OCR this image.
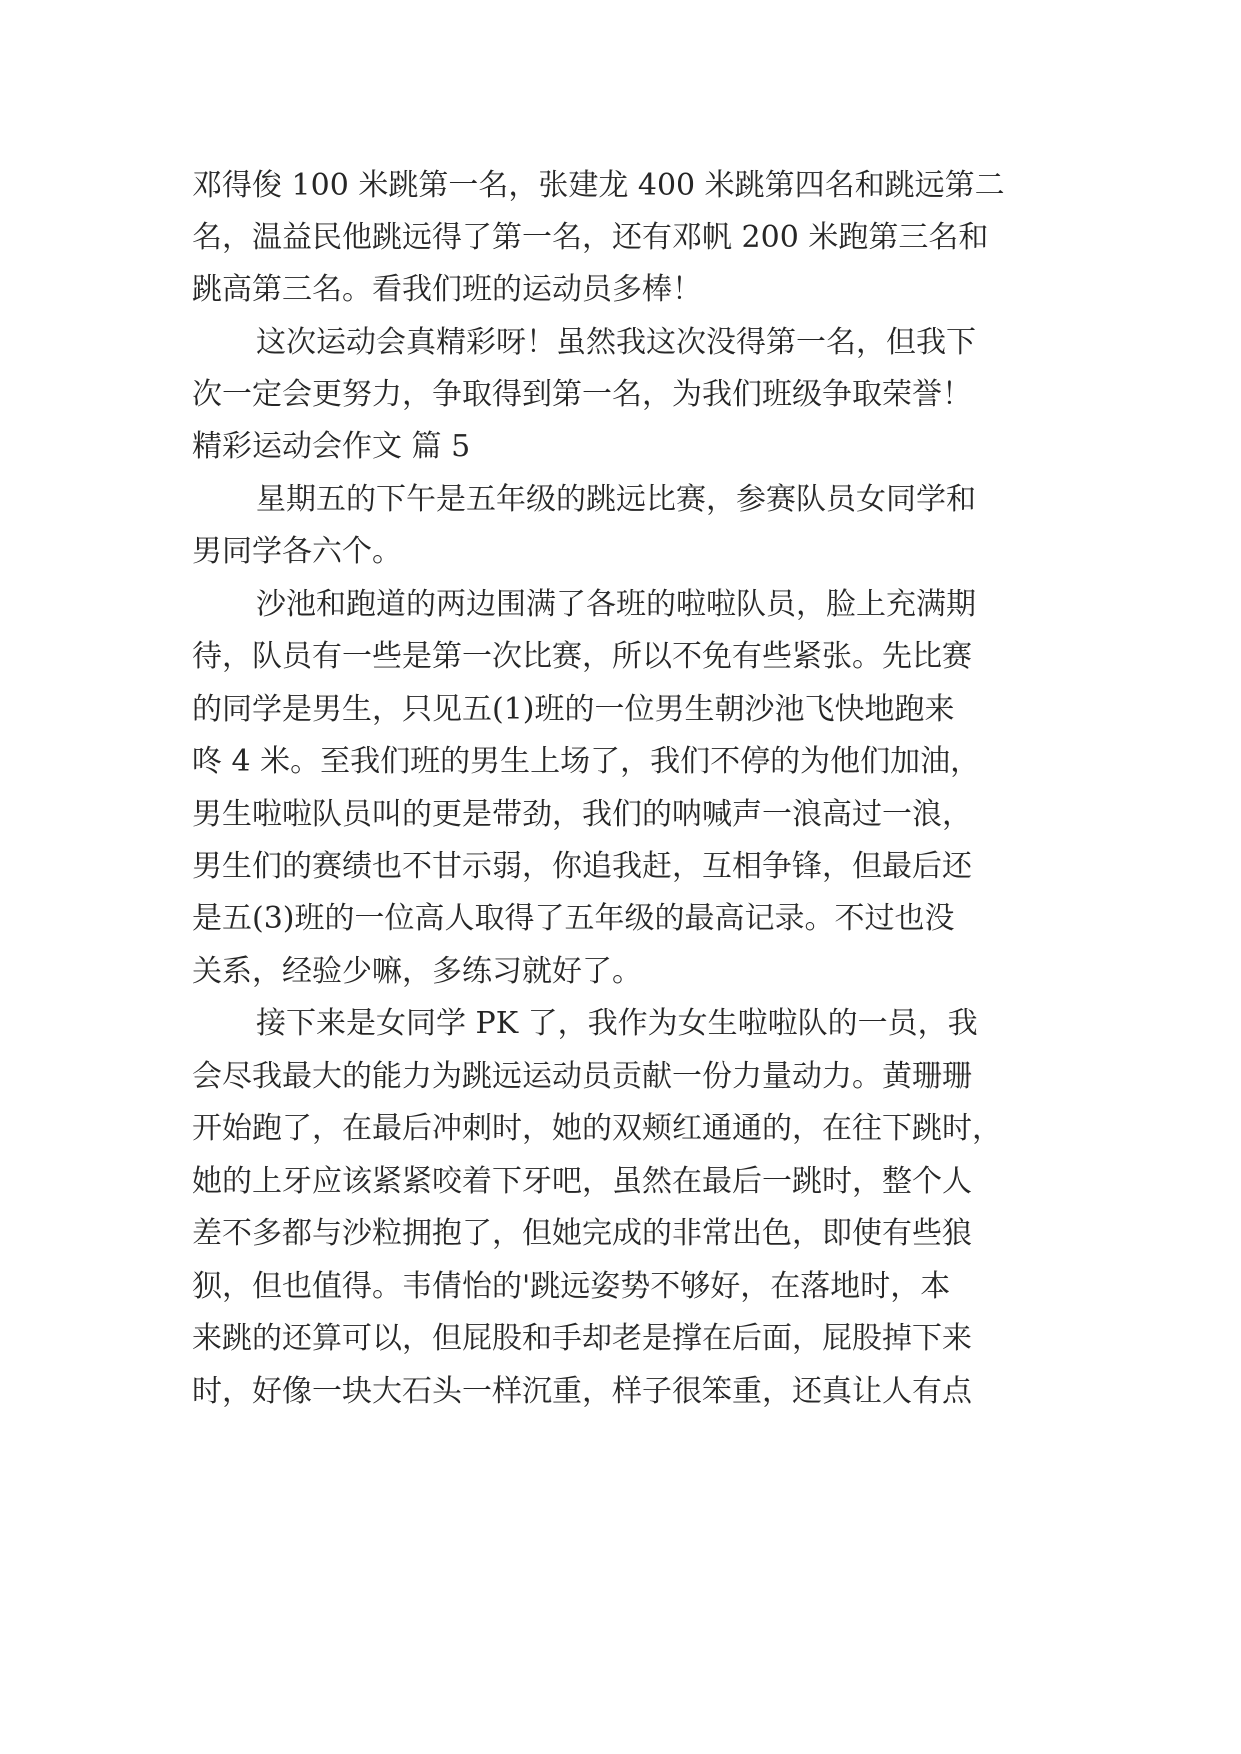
邓得俊 100 米跳第一名，张建龙 400 米跳第四名和跳远第二
名，温益民他跳远得了第一名，还有邓帆 200 米跑第三名和
跳高第三名。看我们班的运动员多棒！
这次运动会真精彩呀！虽然我这次没得第一名，但我下
次一定会更努力，争取得到第一名，为我们班级争取荣誉！
精彩运动会作文 篇 5
星期五的下午是五年级的跳远比赛，参赛队员女同学和
男同学各六个。
沙池和跑道的两边围满了各班的啦啦队员，脸上充满期
待，队员有一些是第一次比赛，所以不免有些紧张。先比赛
的同学是男生，只见五(1)班的一位男生朝沙池飞快地跑来
咚 4 米。至我们班的男生上场了，我们不停的为他们加油，
男生啦啦队员叫的更是带劲，我们的呐喊声一浪高过一浪，
男生们的赛绩也不甘示弱，你追我赶，互相争锋，但最后还
是五(3)班的一位高人取得了五年级的最高记录。不过也没
关系，经验少嘛，多练习就好了。
接下来是女同学 PK 了，我作为女生啦啦队的一员，我
会尽我最大的能力为跳远运动员贡献一份力量动力。黄珊珊
开始跑了，在最后冲刺时，她的双颊红通通的，在往下跳时，
她的上牙应该紧紧咬着下牙吧，虽然在最后一跳时，整个人
差不多都与沙粒拥抱了，但她完成的非常出色，即使有些狼
狈，但也值得。韦倩怡的'跳远姿势不够好，在落地时，本
来跳的还算可以，但屁股和手却老是撑在后面，屁股掉下来
时，好像一块大石头一样沉重，样子很笨重，还真让人有点
